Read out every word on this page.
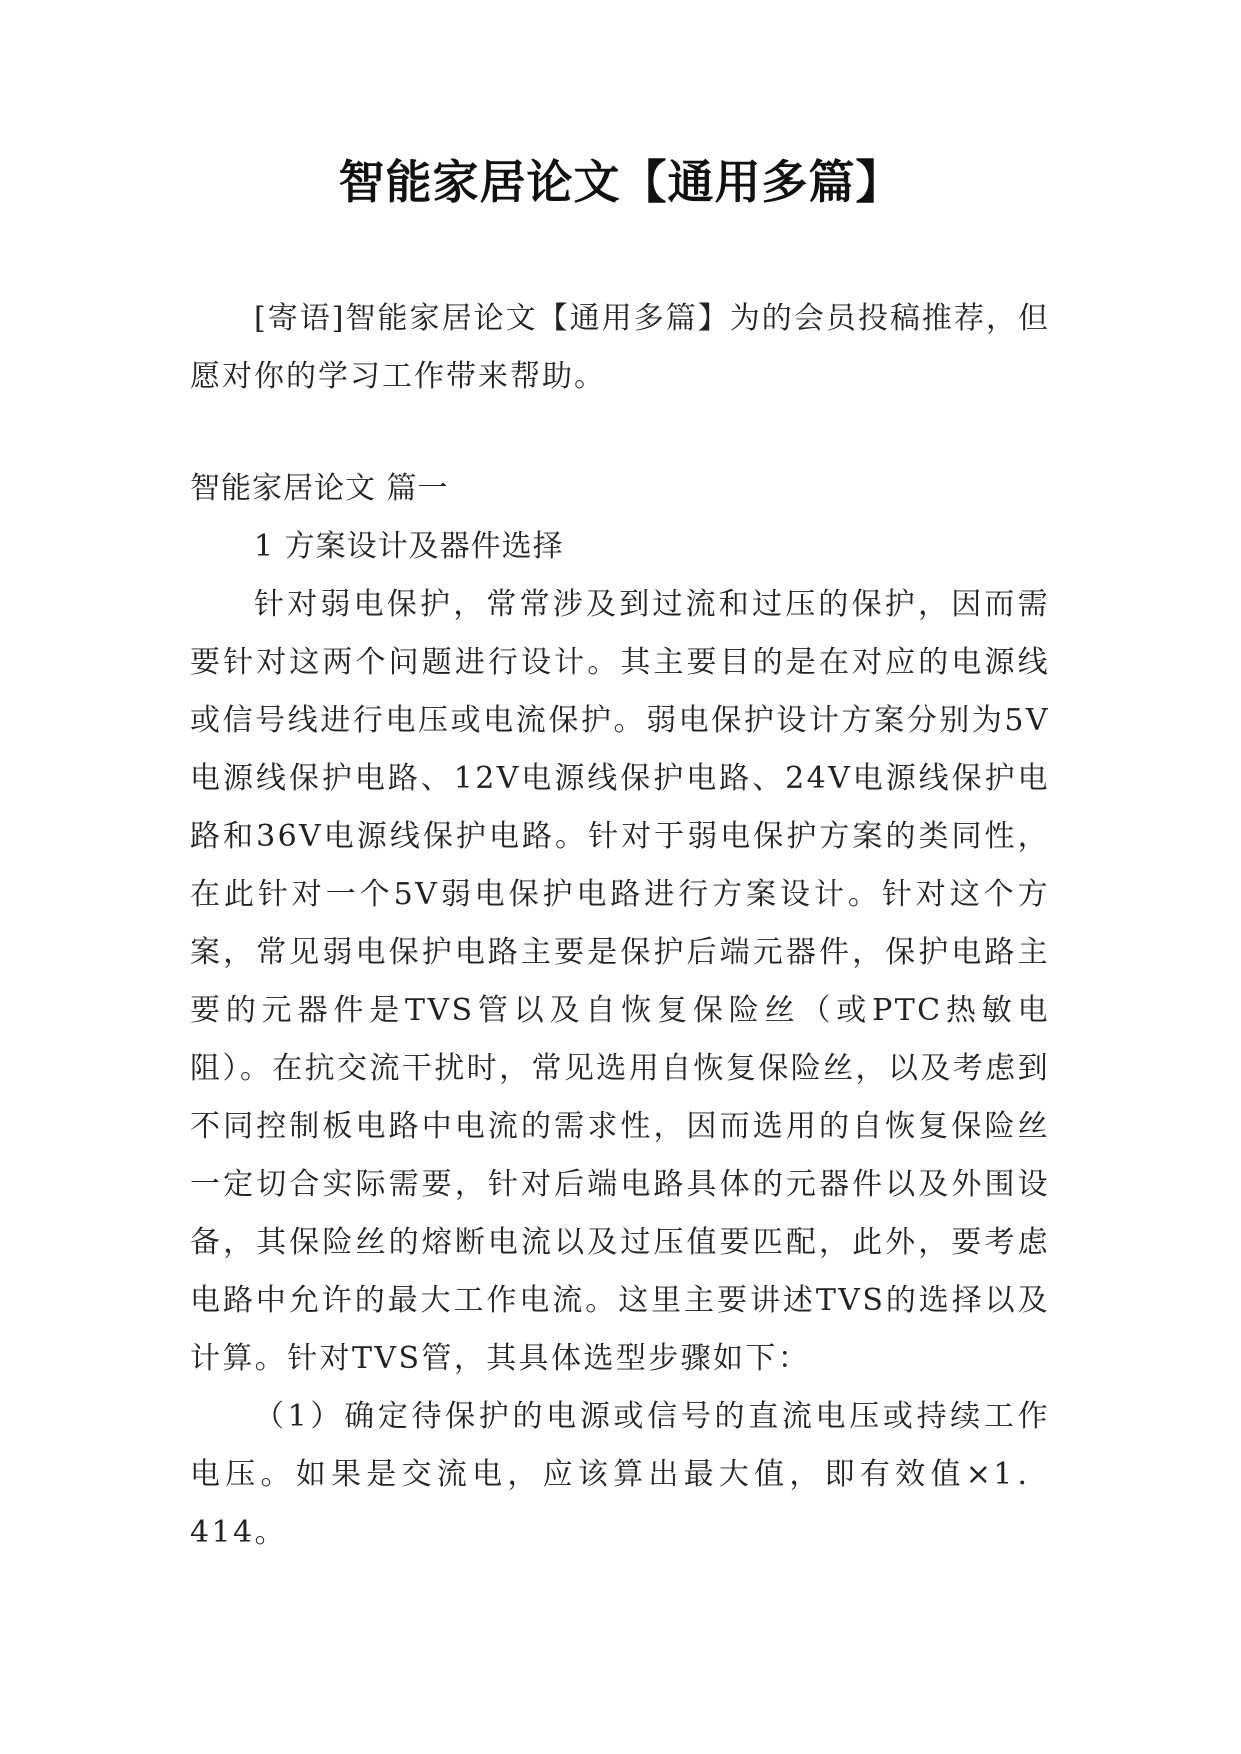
智能家居论文【通用多篇】

[寄语]智能家居论文【通用多篇】为的会员投稿推荐，但愿对你的学习工作带来帮助。

智能家居论文 篇一

1 方案设计及器件选择

针对弱电保护，常常涉及到过流和过压的保护，因而需要针对这两个问题进行设计。其主要目的是在对应的电源线或信号线进行电压或电流保护。弱电保护设计方案分别为5V电源线保护电路、12V电源线保护电路、24V电源线保护电路和36V电源线保护电路。针对于弱电保护方案的类同性，在此针对一个5V弱电保护电路进行方案设计。针对这个方案，常见弱电保护电路主要是保护后端元器件，保护电路主要的元器件是TVS管以及自恢复保险丝（或PTC热敏电阻）。在抗交流干扰时，常见选用自恢复保险丝，以及考虑到不同控制板电路中电流的需求性，因而选用的自恢复保险丝一定切合实际需要，针对后端电路具体的元器件以及外围设备，其保险丝的熔断电流以及过压值要匹配，此外，要考虑电路中允许的最大工作电流。这里主要讲述TVS的选择以及计算。针对TVS管，其具体选型步骤如下：

（1）确定待保护的电源或信号的直流电压或持续工作电压。如果是交流电，应该算出最大值，即有效值×1．414。
